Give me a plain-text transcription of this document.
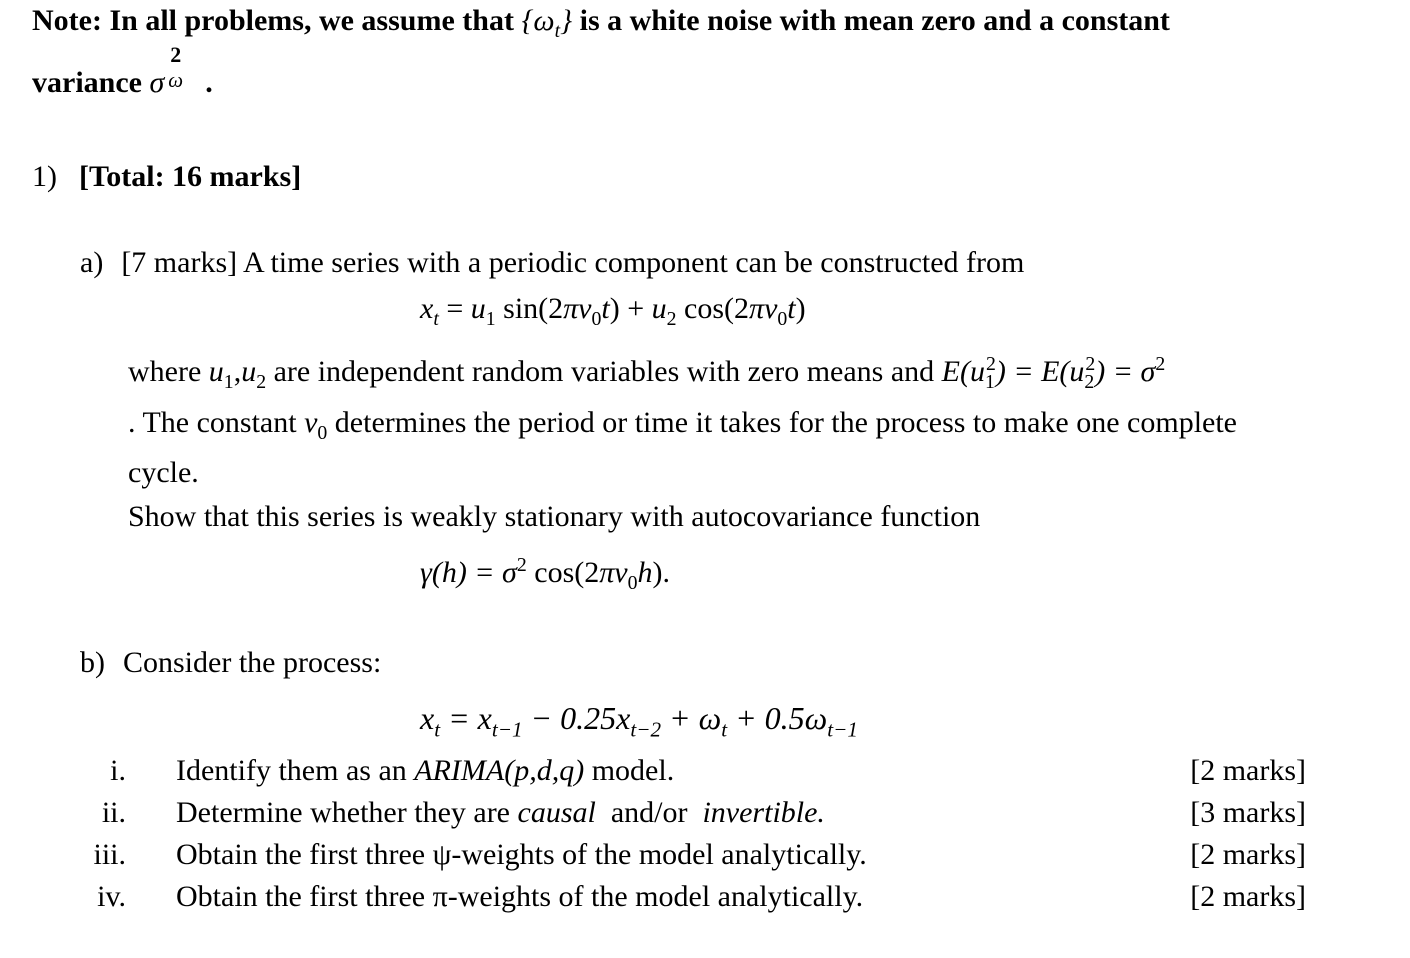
Note: In all problems, we assume that $\{\omega_t\}$ is a white noise with mean zero and a constant
variance σ
2
ω .
1) [Total: 16 marks]
a) [7 marks] A time series with a periodic component can be constructed from
$x_t = u_1$ $\sin(2\pi\nu_0t) + u_2$ $\cos(2\pi\nu_0t)$
where $u_1,u_2$ are independent random variables with zero means and $E(u_1^2) = E(u_2^2) = \sigma^2$
. The constant $\nu_0$ determines the period or time it takes for the process to make one complete
cycle.
Show that this series is weakly stationary with autocovariance function
$\gamma(h) = \sigma^2$ $\cos(2\pi\nu_0h)$.
b) Consider the process:
$x_t = x_{t-1} - 0.25x_{t-2} + \omega_t + 0.5\omega_{t-1}$
i. Identify them as an ARIMA(p,d,q) model.	[2 marks]
ii. Determine whether they are causal  and/or  invertible.	[3 marks]
iii. Obtain the first three ψ-weights of the model analytically.	[2 marks]
iv. Obtain the first three π-weights of the model analytically.	[2 marks]
